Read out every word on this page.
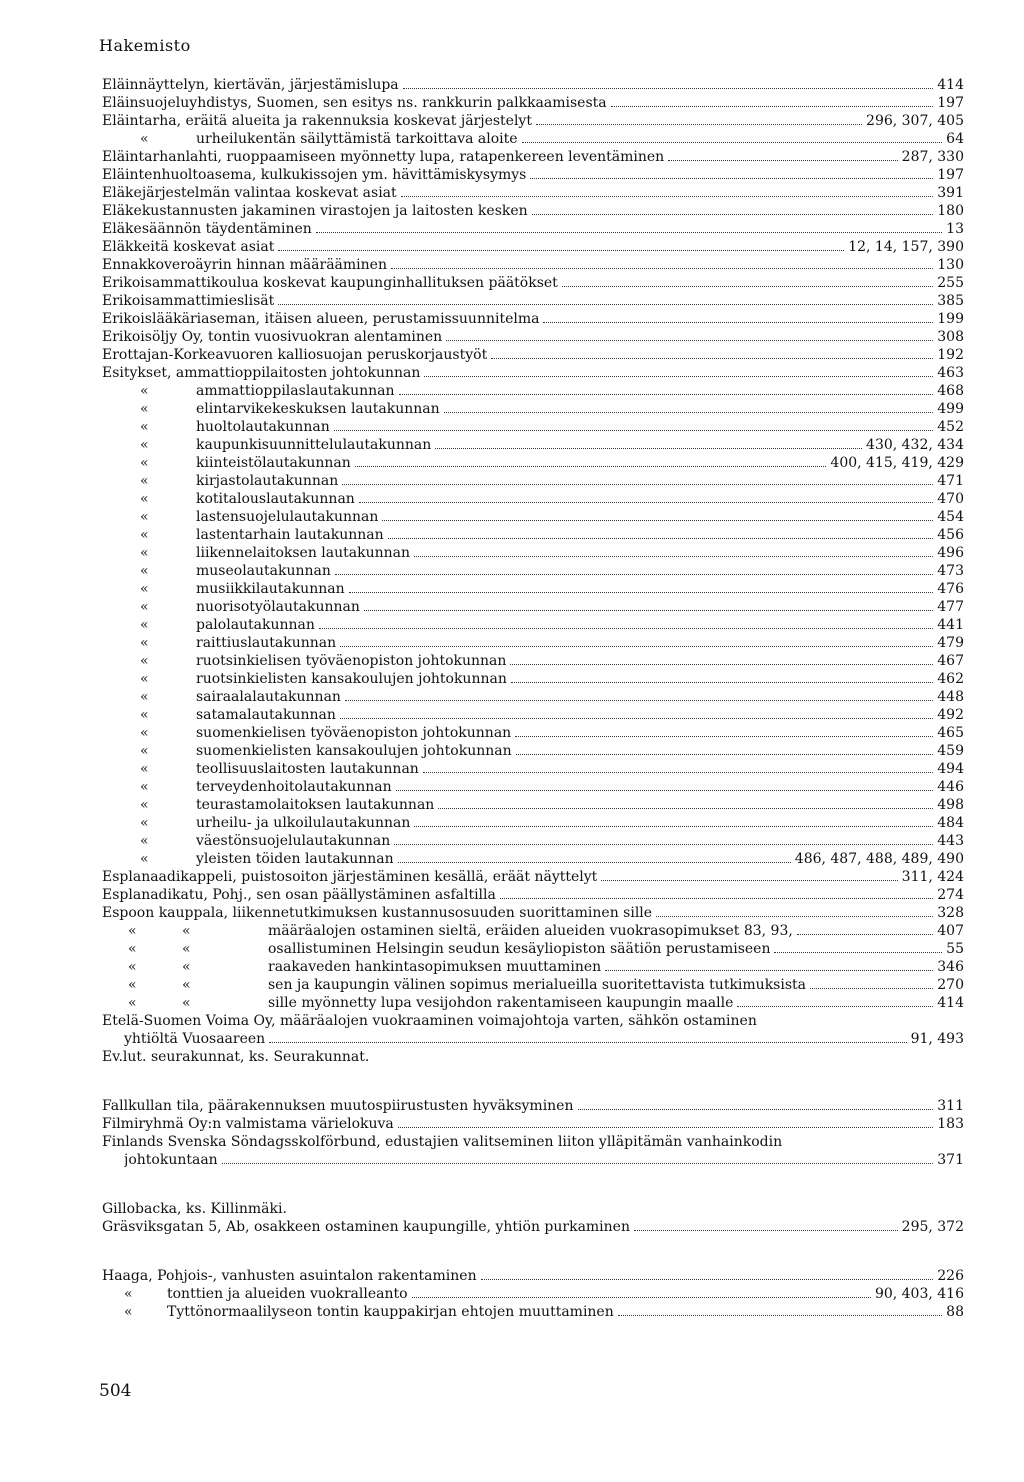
Hakemisto
Eläinnäyttelyn, kiertävän, järjestämislupa	414
Eläinsuojeluyhdistys, Suomen, sen esitys ns. rankkurin palkkaamisesta	197
Eläintarha, eräitä alueita ja rakennuksia koskevat järjestelyt	296, 307, 405
«	urheilukentän säilyttämistä tarkoittava aloite	64
Eläintarhanlahti, ruoppaamiseen myönnetty lupa, ratapenkereen leventäminen	287, 330
Eläintenhuoltoasema, kulkukissojen ym. hävittämiskysymys	197
Eläkejärjestelmän valintaa koskevat asiat	391
Eläkekustannusten jakaminen virastojen ja laitosten kesken	180
Eläkesäännön täydentäminen	13
Eläkkeitä koskevat asiat	12, 14, 157, 390
Ennakkoveroäyrin hinnan määrääminen	130
Erikoisammattikoulua koskevat kaupunginhallituksen päätökset	255
Erikoisammattimieslisät	385
Erikoislääkäriaseman, itäisen alueen, perustamissuunnitelma	199
Erikoisöljy Oy, tontin vuosivuokran alentaminen	308
Erottajan-Korkeavuoren kalliosuojan peruskorjaustyöt	192
Esitykset, ammattioppilaitosten johtokunnan	463
«	ammattioppilaslautakunnan	468
«	elintarvikekeskuksen lautakunnan	499
«	huoltolautakunnan	452
«	kaupunkisuunnittelulautakunnan	430, 432, 434
«	kiinteistölautakunnan	400, 415, 419, 429
«	kirjastolautakunnan	471
«	kotitalouslautakunnan	470
«	lastensuojelulautakunnan	454
«	lastentarhain lautakunnan	456
«	liikennelaitoksen lautakunnan	496
«	museolautakunnan	473
«	musiikkilautakunnan	476
«	nuorisotyölautakunnan	477
«	palolautakunnan	441
«	raittiuslautakunnan	479
«	ruotsinkielisen työväenopiston johtokunnan	467
«	ruotsinkielisten kansakoulujen johtokunnan	462
«	sairaalalautakunnan	448
«	satamalautakunnan	492
«	suomenkielisen työväenopiston johtokunnan	465
«	suomenkielisten kansakoulujen johtokunnan	459
«	teollisuuslaitosten lautakunnan	494
«	terveydenhoitolautakunnan	446
«	teurastamolaitoksen lautakunnan	498
«	urheilu- ja ulkoilulautakunnan	484
«	väestönsuojelulautakunnan	443
«	yleisten töiden lautakunnan	486, 487, 488, 489, 490
Esplanaadikappeli, puistosoiton järjestäminen kesällä, eräät näyttelyt	311, 424
Esplanadikatu, Pohj., sen osan päällystäminen asfaltilla	274
Espoon kauppala, liikennetutkimuksen kustannusosuuden suorittaminen sille	328
«	«	määräalojen ostaminen sieltä, eräiden alueiden vuokrasopimukset 83, 93,	407
«	«	osallistuminen Helsingin seudun kesäyliopiston säätiön perustamiseen	55
«	«	raakaveden hankintasopimuksen muuttaminen	346
«	«	sen ja kaupungin välinen sopimus merialueilla suoritettavista tutkimuksista	270
«	«	sille myönnetty lupa vesijohdon rakentamiseen kaupungin maalle	414
Etelä-Suomen Voima Oy, määräalojen vuokraaminen voimajohtoja varten, sähkön ostaminen
yhtiöltä Vuosaareen	91, 493
Ev.lut. seurakunnat, ks. Seurakunnat.
Fallkullan tila, päärakennuksen muutospiirustusten hyväksyminen	311
Filmiryhmä Oy:n valmistama värielokuva	183
Finlands Svenska Söndagsskolförbund, edustajien valitseminen liiton ylläpitämän vanhainkodin
johtokuntaan	371
Gillobacka, ks. Killinmäki.
Gräsviksgatan 5, Ab, osakkeen ostaminen kaupungille, yhtiön purkaminen	295, 372
Haaga, Pohjois-, vanhusten asuintalon rakentaminen	226
«	tonttien ja alueiden vuokralleanto	90, 403, 416
«	Tyttönormaalilyseon tontin kauppakirjan ehtojen muuttaminen	88
504
